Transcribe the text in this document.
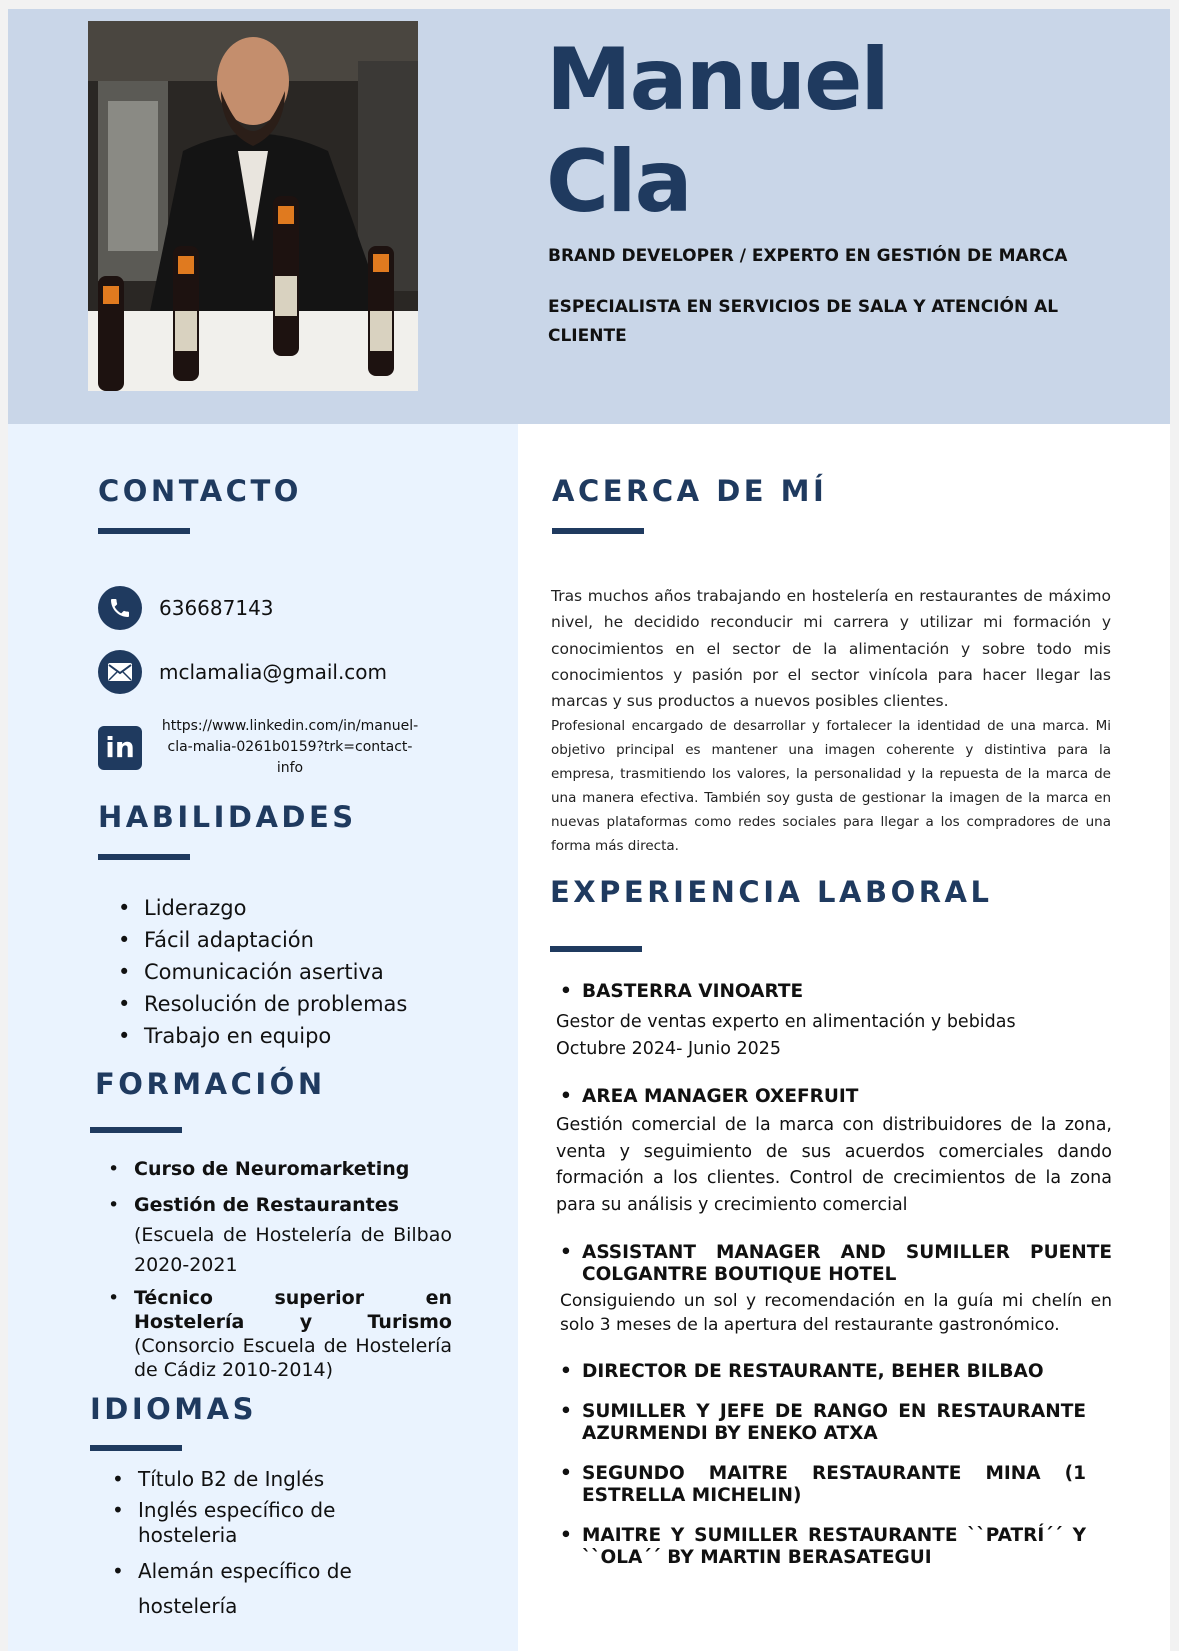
Manuel
Cla
BRAND DEVELOPER / EXPERTO EN GESTIÓN DE MARCA
ESPECIALISTA EN SERVICIOS DE SALA Y ATENCIÓN AL CLIENTE
CONTACTO
636687143
mclamalia@gmail.com
in
https://www.linkedin.com/in/manuel-cla-malia-0261b0159?trk=contact-info
HABILIDADES
• Liderazgo
• Fácil adaptación
• Comunicación asertiva
• Resolución de problemas
• Trabajo en equipo
FORMACIÓN
• Curso de Neuromarketing
• Gestión de Restaurantes
(Escuela de Hostelería de Bilbao 2020-2021
• Técnico superior en Hostelería y Turismo (Consorcio Escuela de Hostelería de Cádiz 2010-2014)
IDIOMAS
• Título B2 de Inglés
• Inglés específico de hosteleria
• Alemán específico de hostelería
ACERCA DE MÍ

Tras muchos años trabajando en hostelería en restaurantes de máximo nivel, he decidido reconducir mi carrera y utilizar mi formación y conocimientos en el sector de la alimentación y sobre todo mis conocimientos y pasión por el sector vinícola para hacer llegar las marcas y sus productos a nuevos posibles clientes.

Profesional encargado de desarrollar y fortalecer la identidad de una marca. Mi objetivo principal es mantener una imagen coherente y distintiva para la empresa, trasmitiendo los valores, la personalidad y la repuesta de la marca de una manera efectiva. También soy gusta de gestionar la imagen de la marca en nuevas plataformas como redes sociales para llegar a los compradores de una forma más directa.

EXPERIENCIA LABORAL
• BASTERRA VINOARTE
Gestor de ventas experto en alimentación y bebidas
Octubre 2024- Junio 2025
• AREA MANAGER OXEFRUIT
Gestión comercial de la marca con distribuidores de la zona, venta y seguimiento de sus acuerdos comerciales dando formación a los clientes. Control de crecimientos de la zona para su análisis y crecimiento comercial
• ASSISTANT MANAGER AND SUMILLER PUENTE COLGANTRE BOUTIQUE HOTEL
Consiguiendo un sol y recomendación en la guía mi chelín en solo 3 meses de la apertura del restaurante gastronómico.
• DIRECTOR DE RESTAURANTE, BEHER BILBAO
• SUMILLER Y JEFE DE RANGO EN RESTAURANTE AZURMENDI BY ENEKO ATXA
• SEGUNDO MAITRE RESTAURANTE MINA (1 ESTRELLA MICHELIN)
• MAITRE Y SUMILLER RESTAURANTE ``PATRÍ´´ Y ``OLA´´ BY MARTIN BERASATEGUI
